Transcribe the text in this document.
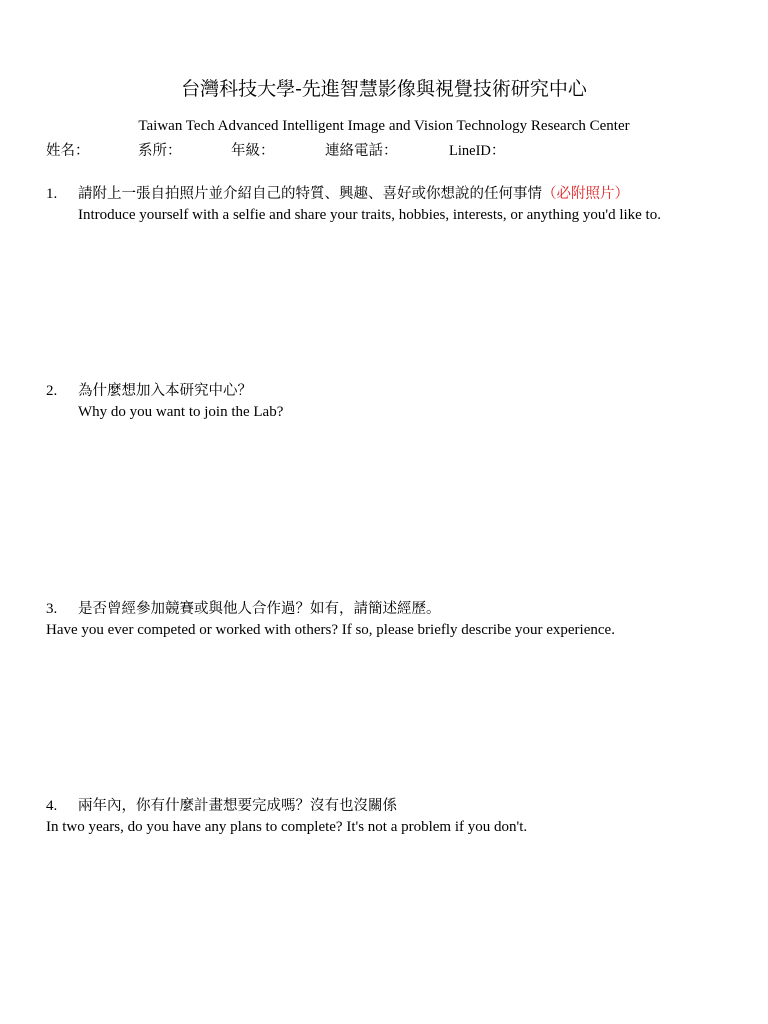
台灣科技大學-先進智慧影像與視覺技術研究中心
Taiwan Tech Advanced Intelligent Image and Vision Technology Research Center
姓名：	系所：	年級：	連絡電話：	LineID：
1. 請附上一張自拍照片並介紹自己的特質、興趣、喜好或你想說的任何事情（必附照片）
Introduce yourself with a selfie and share your traits, hobbies, interests, or anything you'd like to.
2. 為什麼想加入本研究中心？
Why do you want to join the Lab?
3. 是否曾經參加競賽或與他人合作過？如有，請簡述經歷。
Have you ever competed or worked with others? If so, please briefly describe your experience.
4. 兩年內，你有什麼計畫想要完成嗎？沒有也沒關係
In two years, do you have any plans to complete? It's not a problem if you don't.
